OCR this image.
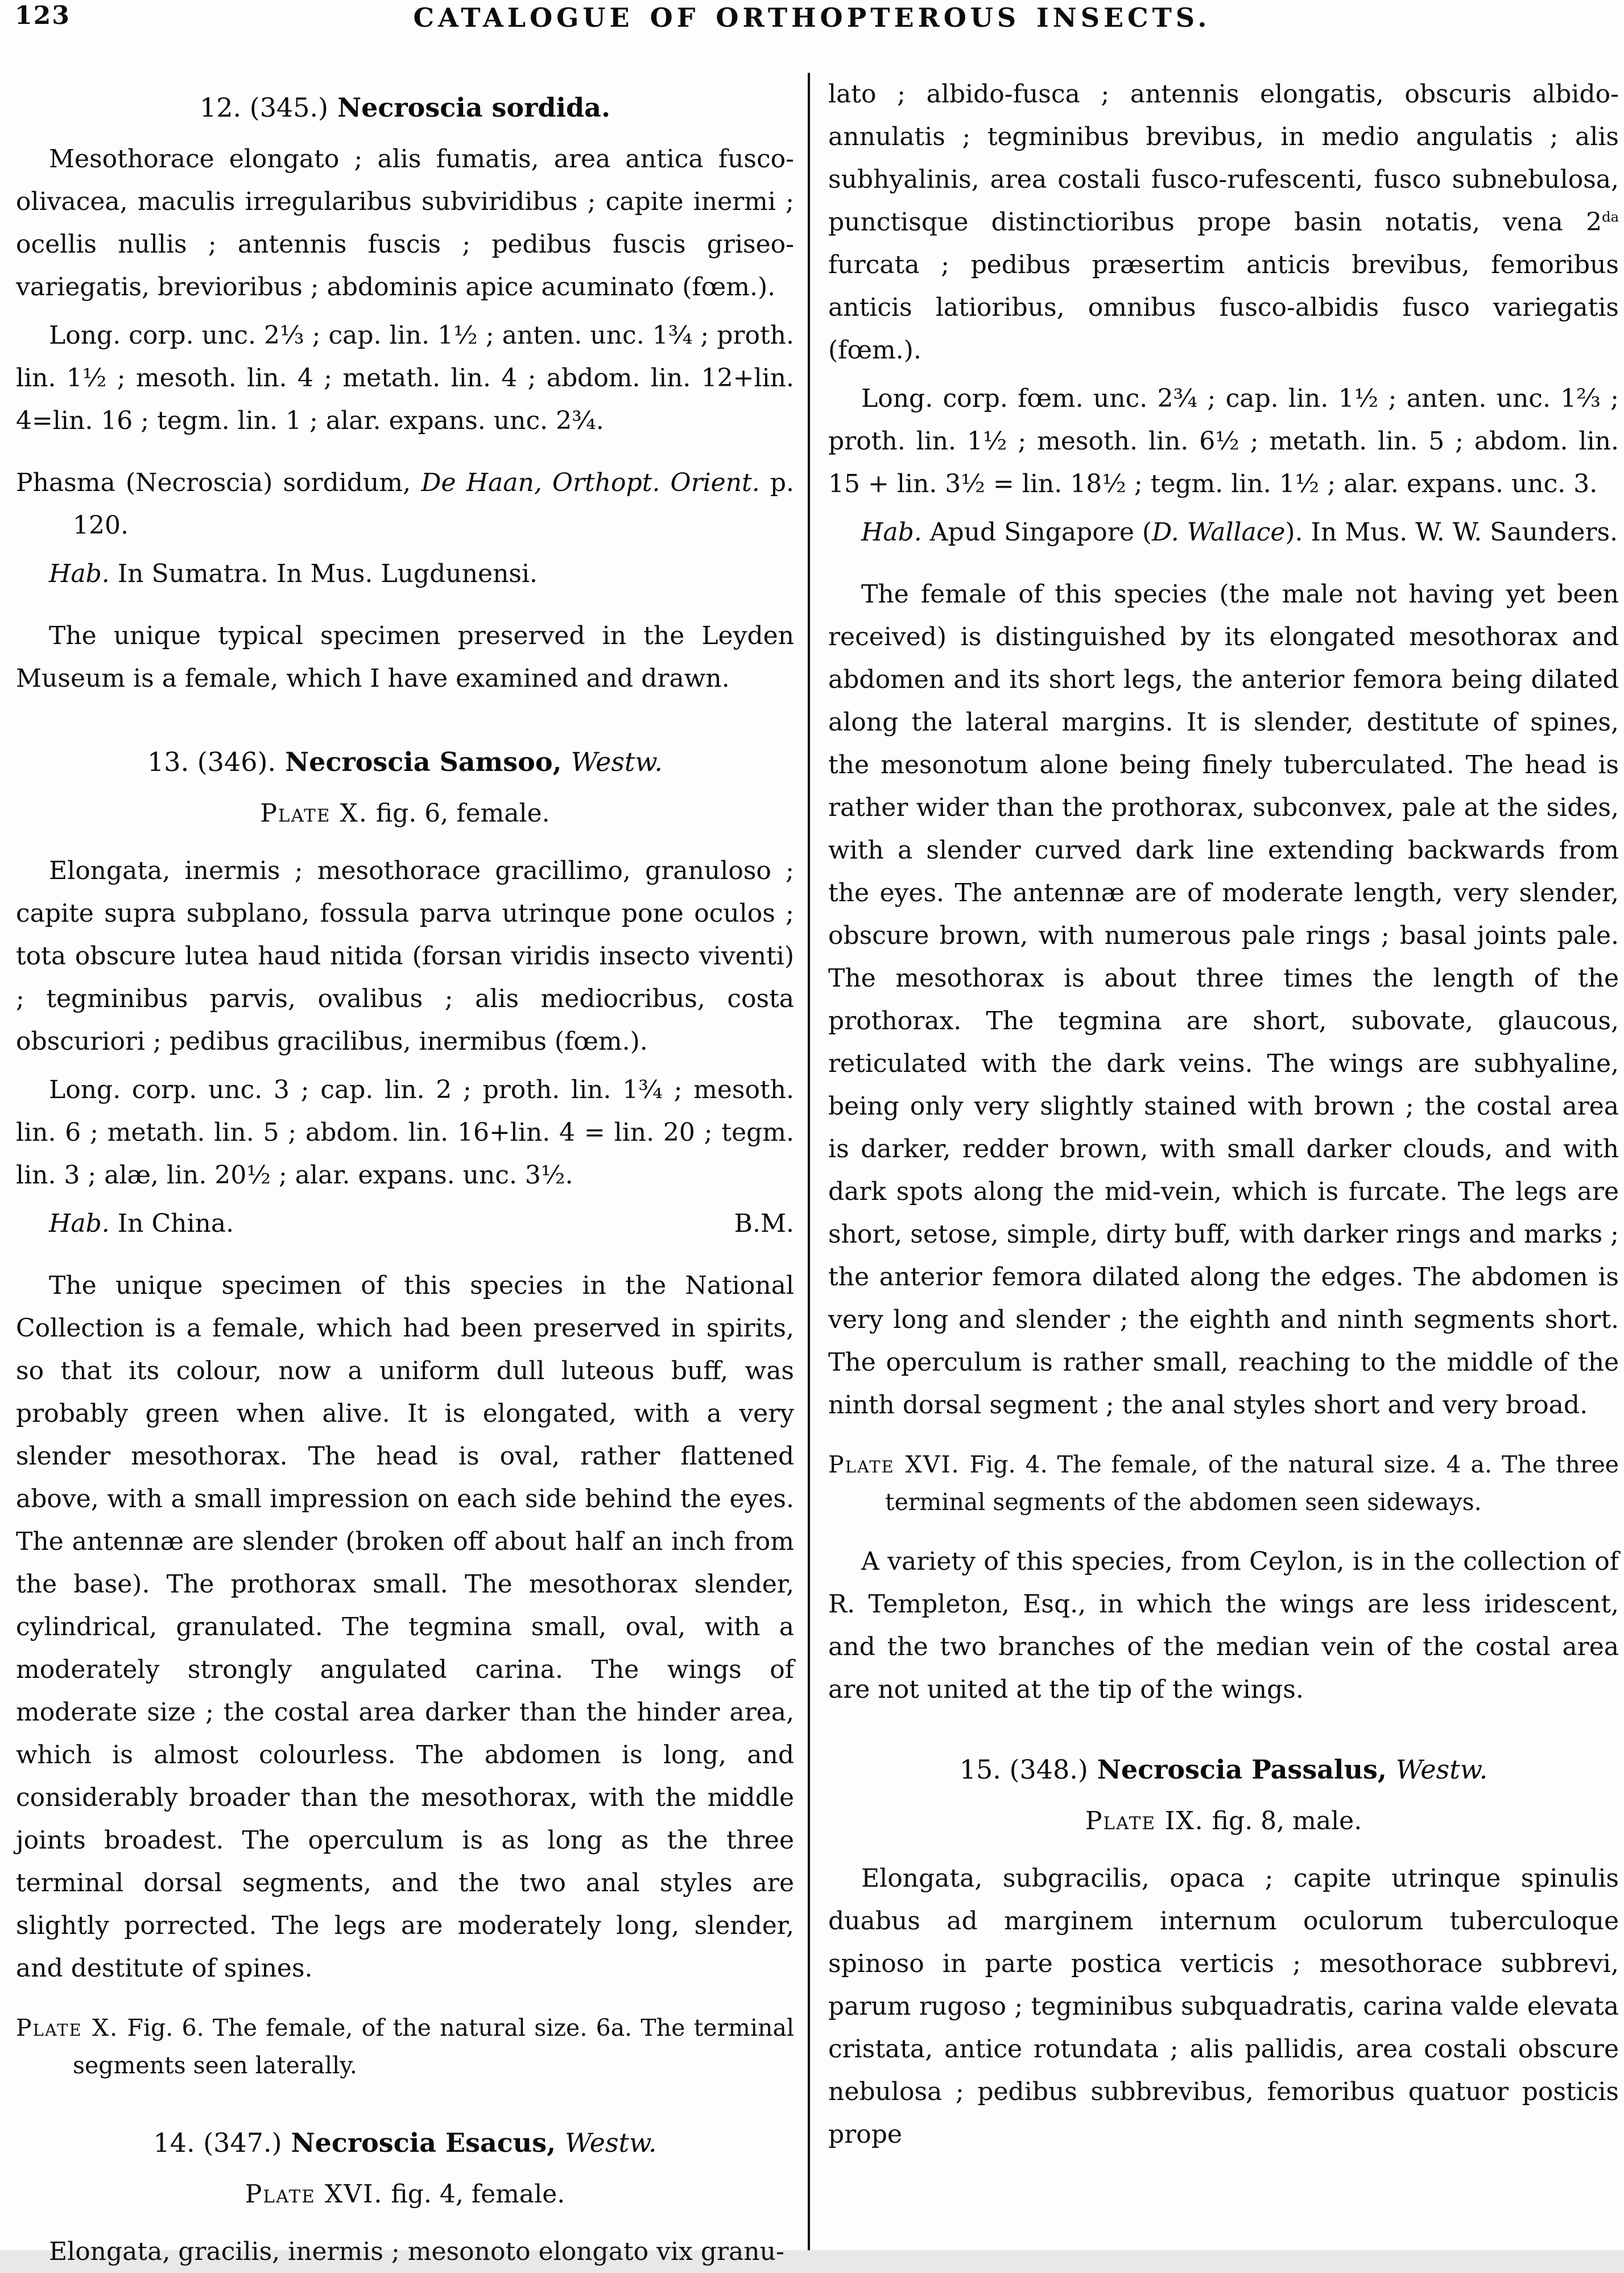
123	CATALOGUE OF ORTHOPTEROUS INSECTS.
12. (345.) Necroscia sordida.

Mesothorace elongato ; alis fumatis, area antica fusco-olivacea, maculis irregularibus subviridibus ; capite inermi ; ocellis nullis ; antennis fuscis ; pedibus fuscis griseo-variegatis, brevioribus ; abdominis apice acuminato (fœm.).

Long. corp. unc. 2⅓ ; cap. lin. 1½ ; anten. unc. 1¾ ; proth. lin. 1½ ; mesoth. lin. 4 ; metath. lin. 4 ; abdom. lin. 12+lin. 4=lin. 16 ; tegm. lin. 1 ; alar. expans. unc. 2¾.

Phasma (Necroscia) sordidum, De Haan, Orthopt. Orient. p. 120.

Hab. In Sumatra. In Mus. Lugdunensi.

The unique typical specimen preserved in the Leyden Museum is a female, which I have examined and drawn.

13. (346). Necroscia Samsoo, Westw.
Plate X. fig. 6, female.

Elongata, inermis ; mesothorace gracillimo, granuloso ; capite supra subplano, fossula parva utrinque pone oculos ; tota obscure lutea haud nitida (forsan viridis insecto viventi) ; tegminibus parvis, ovalibus ; alis mediocribus, costa obscuriori ; pedibus gracilibus, inermibus (fœm.).

Long. corp. unc. 3 ; cap. lin. 2 ; proth. lin. 1¾ ; mesoth. lin. 6 ; metath. lin. 5 ; abdom. lin. 16+lin. 4 = lin. 20 ; tegm. lin. 3 ; alæ, lin. 20½ ; alar. expans. unc. 3½.

Hab. In China.	B.M.

The unique specimen of this species in the National Collection is a female, which had been preserved in spirits, so that its colour, now a uniform dull luteous buff, was probably green when alive. It is elongated, with a very slender mesothorax. The head is oval, rather flattened above, with a small impression on each side behind the eyes. The antennæ are slender (broken off about half an inch from the base). The prothorax small. The mesothorax slender, cylindrical, granulated. The tegmina small, oval, with a moderately strongly angulated carina. The wings of moderate size ; the costal area darker than the hinder area, which is almost colourless. The abdomen is long, and considerably broader than the mesothorax, with the middle joints broadest. The operculum is as long as the three terminal dorsal segments, and the two anal styles are slightly porrected. The legs are moderately long, slender, and destitute of spines.

Plate X. Fig. 6. The female, of the natural size. 6a. The terminal segments seen laterally.

14. (347.) Necroscia Esacus, Westw.
Plate XVI. fig. 4, female.

Elongata, gracilis, inermis ; mesonoto elongato vix granu-

lato ; albido-fusca ; antennis elongatis, obscuris albido-annulatis ; tegminibus brevibus, in medio angulatis ; alis subhyalinis, area costali fusco-rufescenti, fusco subnebulosa, punctisque distinctioribus prope basin notatis, vena $2^{da}$ furcata ; pedibus præsertim anticis brevibus, femoribus anticis latioribus, omnibus fusco-albidis fusco variegatis (fœm.).

Long. corp. fœm. unc. 2¾ ; cap. lin. 1½ ; anten. unc. 1⅔ ; proth. lin. 1½ ; mesoth. lin. 6½ ; metath. lin. 5 ; abdom. lin. 15 + lin. 3½ = lin. 18½ ; tegm. lin. 1½ ; alar. expans. unc. 3.

Hab. Apud Singapore (D. Wallace). In Mus. W. W. Saunders.

The female of this species (the male not having yet been received) is distinguished by its elongated mesothorax and abdomen and its short legs, the anterior femora being dilated along the lateral margins. It is slender, destitute of spines, the mesonotum alone being finely tuberculated. The head is rather wider than the prothorax, subconvex, pale at the sides, with a slender curved dark line extending backwards from the eyes. The antennæ are of moderate length, very slender, obscure brown, with numerous pale rings ; basal joints pale. The mesothorax is about three times the length of the prothorax. The tegmina are short, subovate, glaucous, reticulated with the dark veins. The wings are subhyaline, being only very slightly stained with brown ; the costal area is darker, redder brown, with small darker clouds, and with dark spots along the mid-vein, which is furcate. The legs are short, setose, simple, dirty buff, with darker rings and marks ; the anterior femora dilated along the edges. The abdomen is very long and slender ; the eighth and ninth segments short. The operculum is rather small, reaching to the middle of the ninth dorsal segment ; the anal styles short and very broad.

Plate XVI. Fig. 4. The female, of the natural size. 4 a. The three terminal segments of the abdomen seen sideways.

A variety of this species, from Ceylon, is in the collection of R. Templeton, Esq., in which the wings are less iridescent, and the two branches of the median vein of the costal area are not united at the tip of the wings.

15. (348.) Necroscia Passalus, Westw.
Plate IX. fig. 8, male.

Elongata, subgracilis, opaca ; capite utrinque spinulis duabus ad marginem internum oculorum tuberculoque spinoso in parte postica verticis ; mesothorace subbrevi, parum rugoso ; tegminibus subquadratis, carina valde elevata cristata, antice rotundata ; alis pallidis, area costali obscure nebulosa ; pedibus subbrevibus, femoribus quatuor posticis prope
